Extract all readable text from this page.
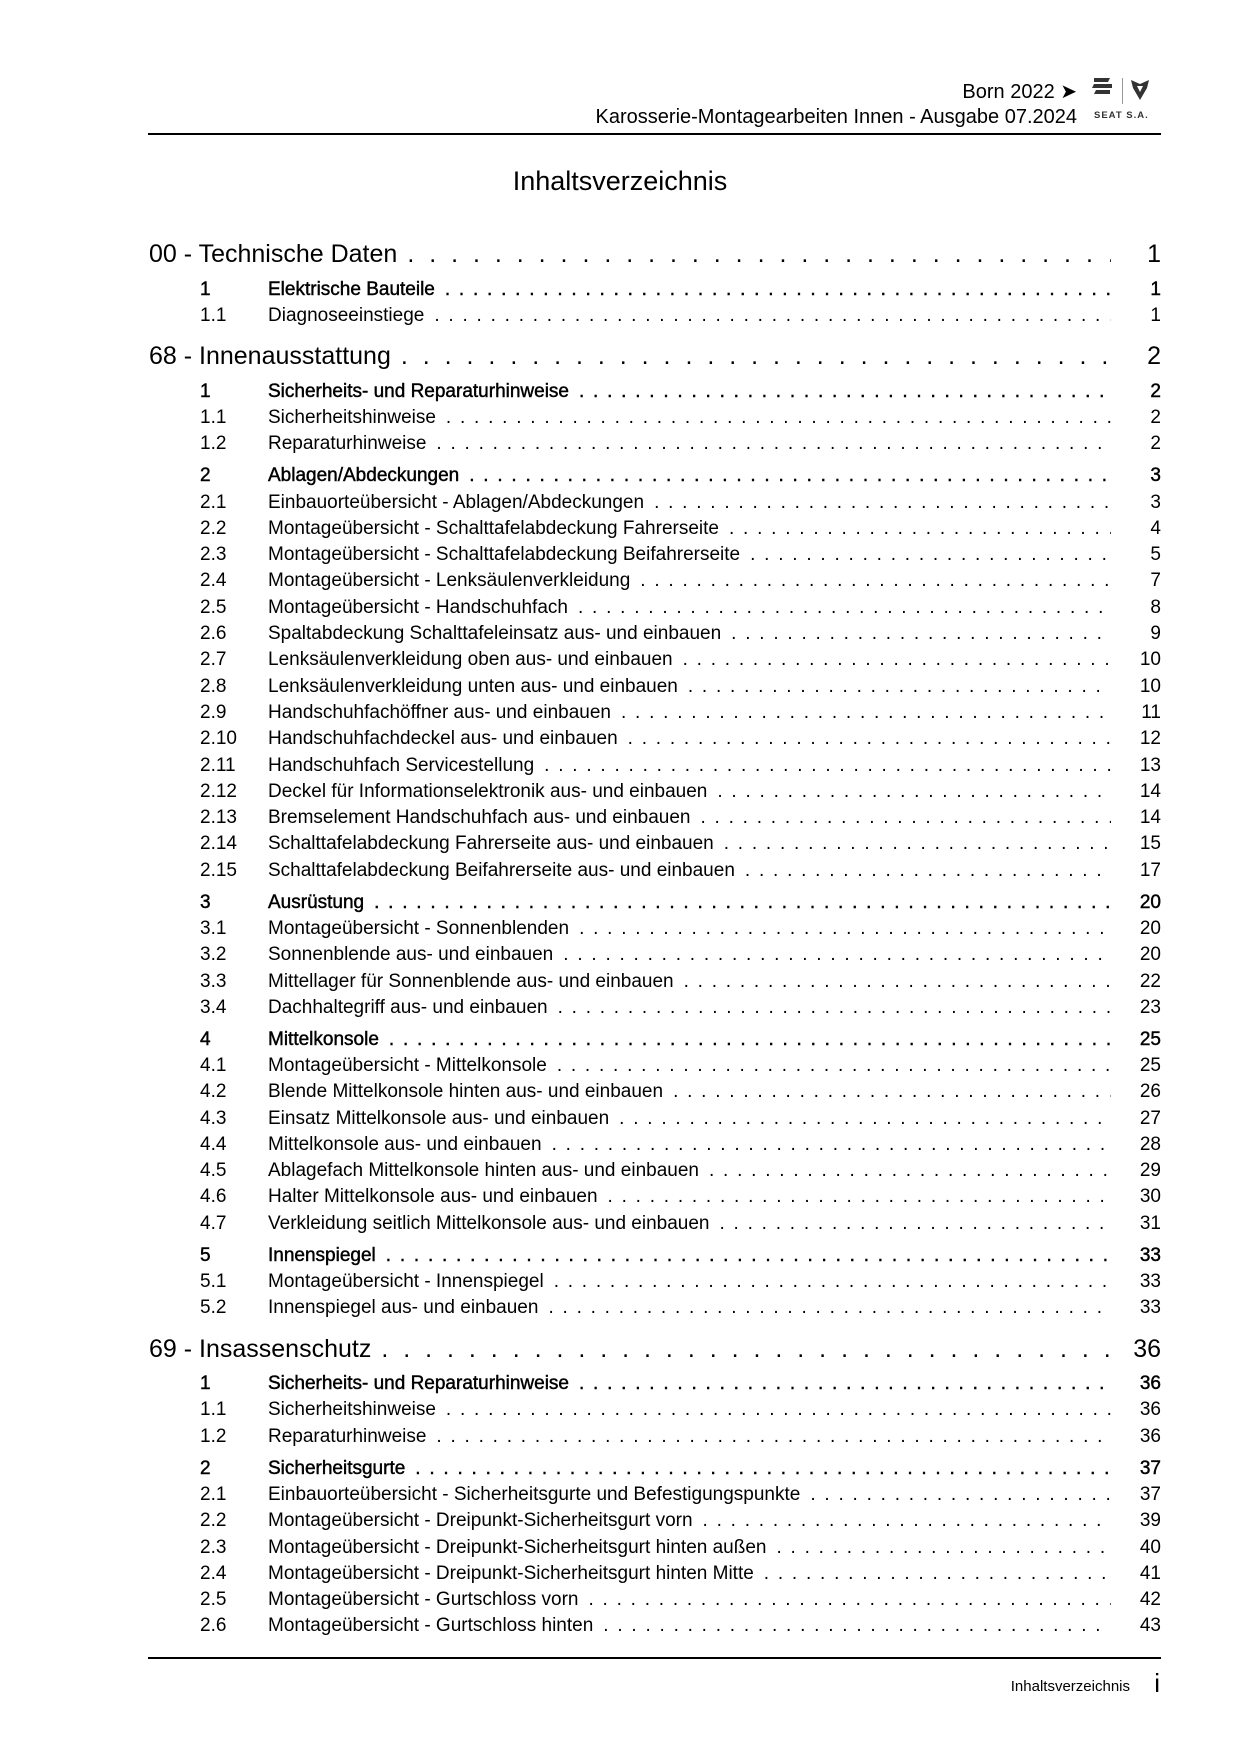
Born 2022 ➤
Karosserie-Montagearbeiten Innen - Ausgabe 07.2024 SEAT S.A.
Inhaltsverzeichnis
00 - Technische Daten . . .	1
1	Elektrische Bauteile . . .	1
1.1	Diagnoseeinstiege . . .	1
68 - Innenausstattung . . .	2
1	Sicherheits- und Reparaturhinweise . . .	2
1.1	Sicherheitshinweise . . .	2
1.2	Reparaturhinweise . . .	2
2	Ablagen/Abdeckungen . . .	3
2.1	Einbauorteübersicht - Ablagen/Abdeckungen . . .	3
2.2	Montageübersicht - Schalttafelabdeckung Fahrerseite . . .	4
2.3	Montageübersicht - Schalttafelabdeckung Beifahrerseite . . .	5
2.4	Montageübersicht - Lenksäulenverkleidung . . .	7
2.5	Montageübersicht - Handschuhfach . . .	8
2.6	Spaltabdeckung Schalttafeleinsatz aus- und einbauen . . .	9
2.7	Lenksäulenverkleidung oben aus- und einbauen . . .	10
2.8	Lenksäulenverkleidung unten aus- und einbauen . . .	10
2.9	Handschuhfachöffner aus- und einbauen . . .	11
2.10	Handschuhfachdeckel aus- und einbauen . . .	12
2.11	Handschuhfach Servicestellung . . .	13
2.12	Deckel für Informationselektronik aus- und einbauen . . .	14
2.13	Bremselement Handschuhfach aus- und einbauen . . .	14
2.14	Schalttafelabdeckung Fahrerseite aus- und einbauen . . .	15
2.15	Schalttafelabdeckung Beifahrerseite aus- und einbauen . . .	17
3	Ausrüstung . . .	20
3.1	Montageübersicht - Sonnenblenden . . .	20
3.2	Sonnenblende aus- und einbauen . . .	20
3.3	Mittellager für Sonnenblende aus- und einbauen . . .	22
3.4	Dachhaltegriff aus- und einbauen . . .	23
4	Mittelkonsole . . .	25
4.1	Montageübersicht - Mittelkonsole . . .	25
4.2	Blende Mittelkonsole hinten aus- und einbauen . . .	26
4.3	Einsatz Mittelkonsole aus- und einbauen . . .	27
4.4	Mittelkonsole aus- und einbauen . . .	28
4.5	Ablagefach Mittelkonsole hinten aus- und einbauen . . .	29
4.6	Halter Mittelkonsole aus- und einbauen . . .	30
4.7	Verkleidung seitlich Mittelkonsole aus- und einbauen . . .	31
5	Innenspiegel . . .	33
5.1	Montageübersicht - Innenspiegel . . .	33
5.2	Innenspiegel aus- und einbauen . . .	33
69 - Insassenschutz . . .	36
1	Sicherheits- und Reparaturhinweise . . .	36
1.1	Sicherheitshinweise . . .	36
1.2	Reparaturhinweise . . .	36
2	Sicherheitsgurte . . .	37
2.1	Einbauorteübersicht - Sicherheitsgurte und Befestigungspunkte . . .	37
2.2	Montageübersicht - Dreipunkt-Sicherheitsgurt vorn . . .	39
2.3	Montageübersicht - Dreipunkt-Sicherheitsgurt hinten außen . . .	40
2.4	Montageübersicht - Dreipunkt-Sicherheitsgurt hinten Mitte . . .	41
2.5	Montageübersicht - Gurtschloss vorn . . .	42
2.6	Montageübersicht - Gurtschloss hinten . . .	43
Inhaltsverzeichnis i
